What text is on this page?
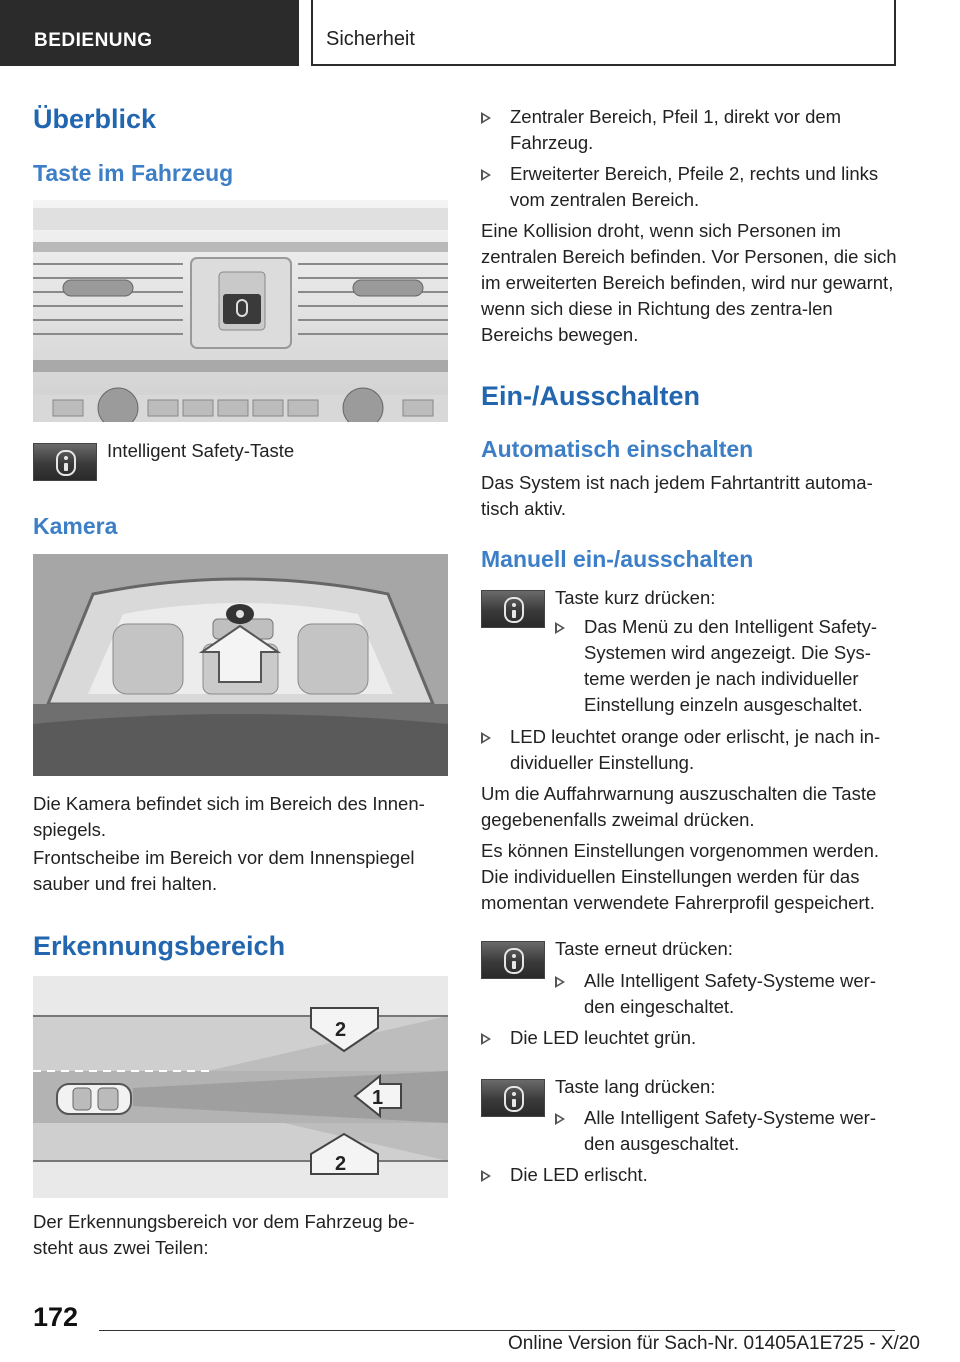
BEDIENUNG	Sicherheit
Überblick
Taste im Fahrzeug
Intelligent Safety-Taste
Kamera
Die Kamera befindet sich im Bereich des Innen-spiegels.
Frontscheibe im Bereich vor dem Innenspiegel sauber und frei halten.
Erkennungsbereich
2
1
2
Der Erkennungsbereich vor dem Fahrzeug be-steht aus zwei Teilen:
Zentraler Bereich, Pfeil 1, direkt vor dem Fahrzeug.
Erweiterter Bereich, Pfeile 2, rechts und links vom zentralen Bereich.
Eine Kollision droht, wenn sich Personen im zentralen Bereich befinden. Vor Personen, die sich im erweiterten Bereich befinden, wird nur gewarnt, wenn sich diese in Richtung des zentra-len Bereichs bewegen.
Ein-/Ausschalten
Automatisch einschalten
Das System ist nach jedem Fahrtantritt automa-tisch aktiv.
Manuell ein-/ausschalten
Taste kurz drücken:
Das Menü zu den Intelligent Safety-Systemen wird angezeigt. Die Sys-teme werden je nach individueller Einstellung einzeln ausgeschaltet.
LED leuchtet orange oder erlischt, je nach in-dividueller Einstellung.
Um die Auffahrwarnung auszuschalten die Taste gegebenenfalls zweimal drücken.
Es können Einstellungen vorgenommen werden. Die individuellen Einstellungen werden für das momentan verwendete Fahrerprofil gespeichert.
Taste erneut drücken:
Alle Intelligent Safety-Systeme wer-den eingeschaltet.
Die LED leuchtet grün.
Taste lang drücken:
Alle Intelligent Safety-Systeme wer-den ausgeschaltet.
Die LED erlischt.
172
Online Version für Sach-Nr. 01405A1E725 - X/20
